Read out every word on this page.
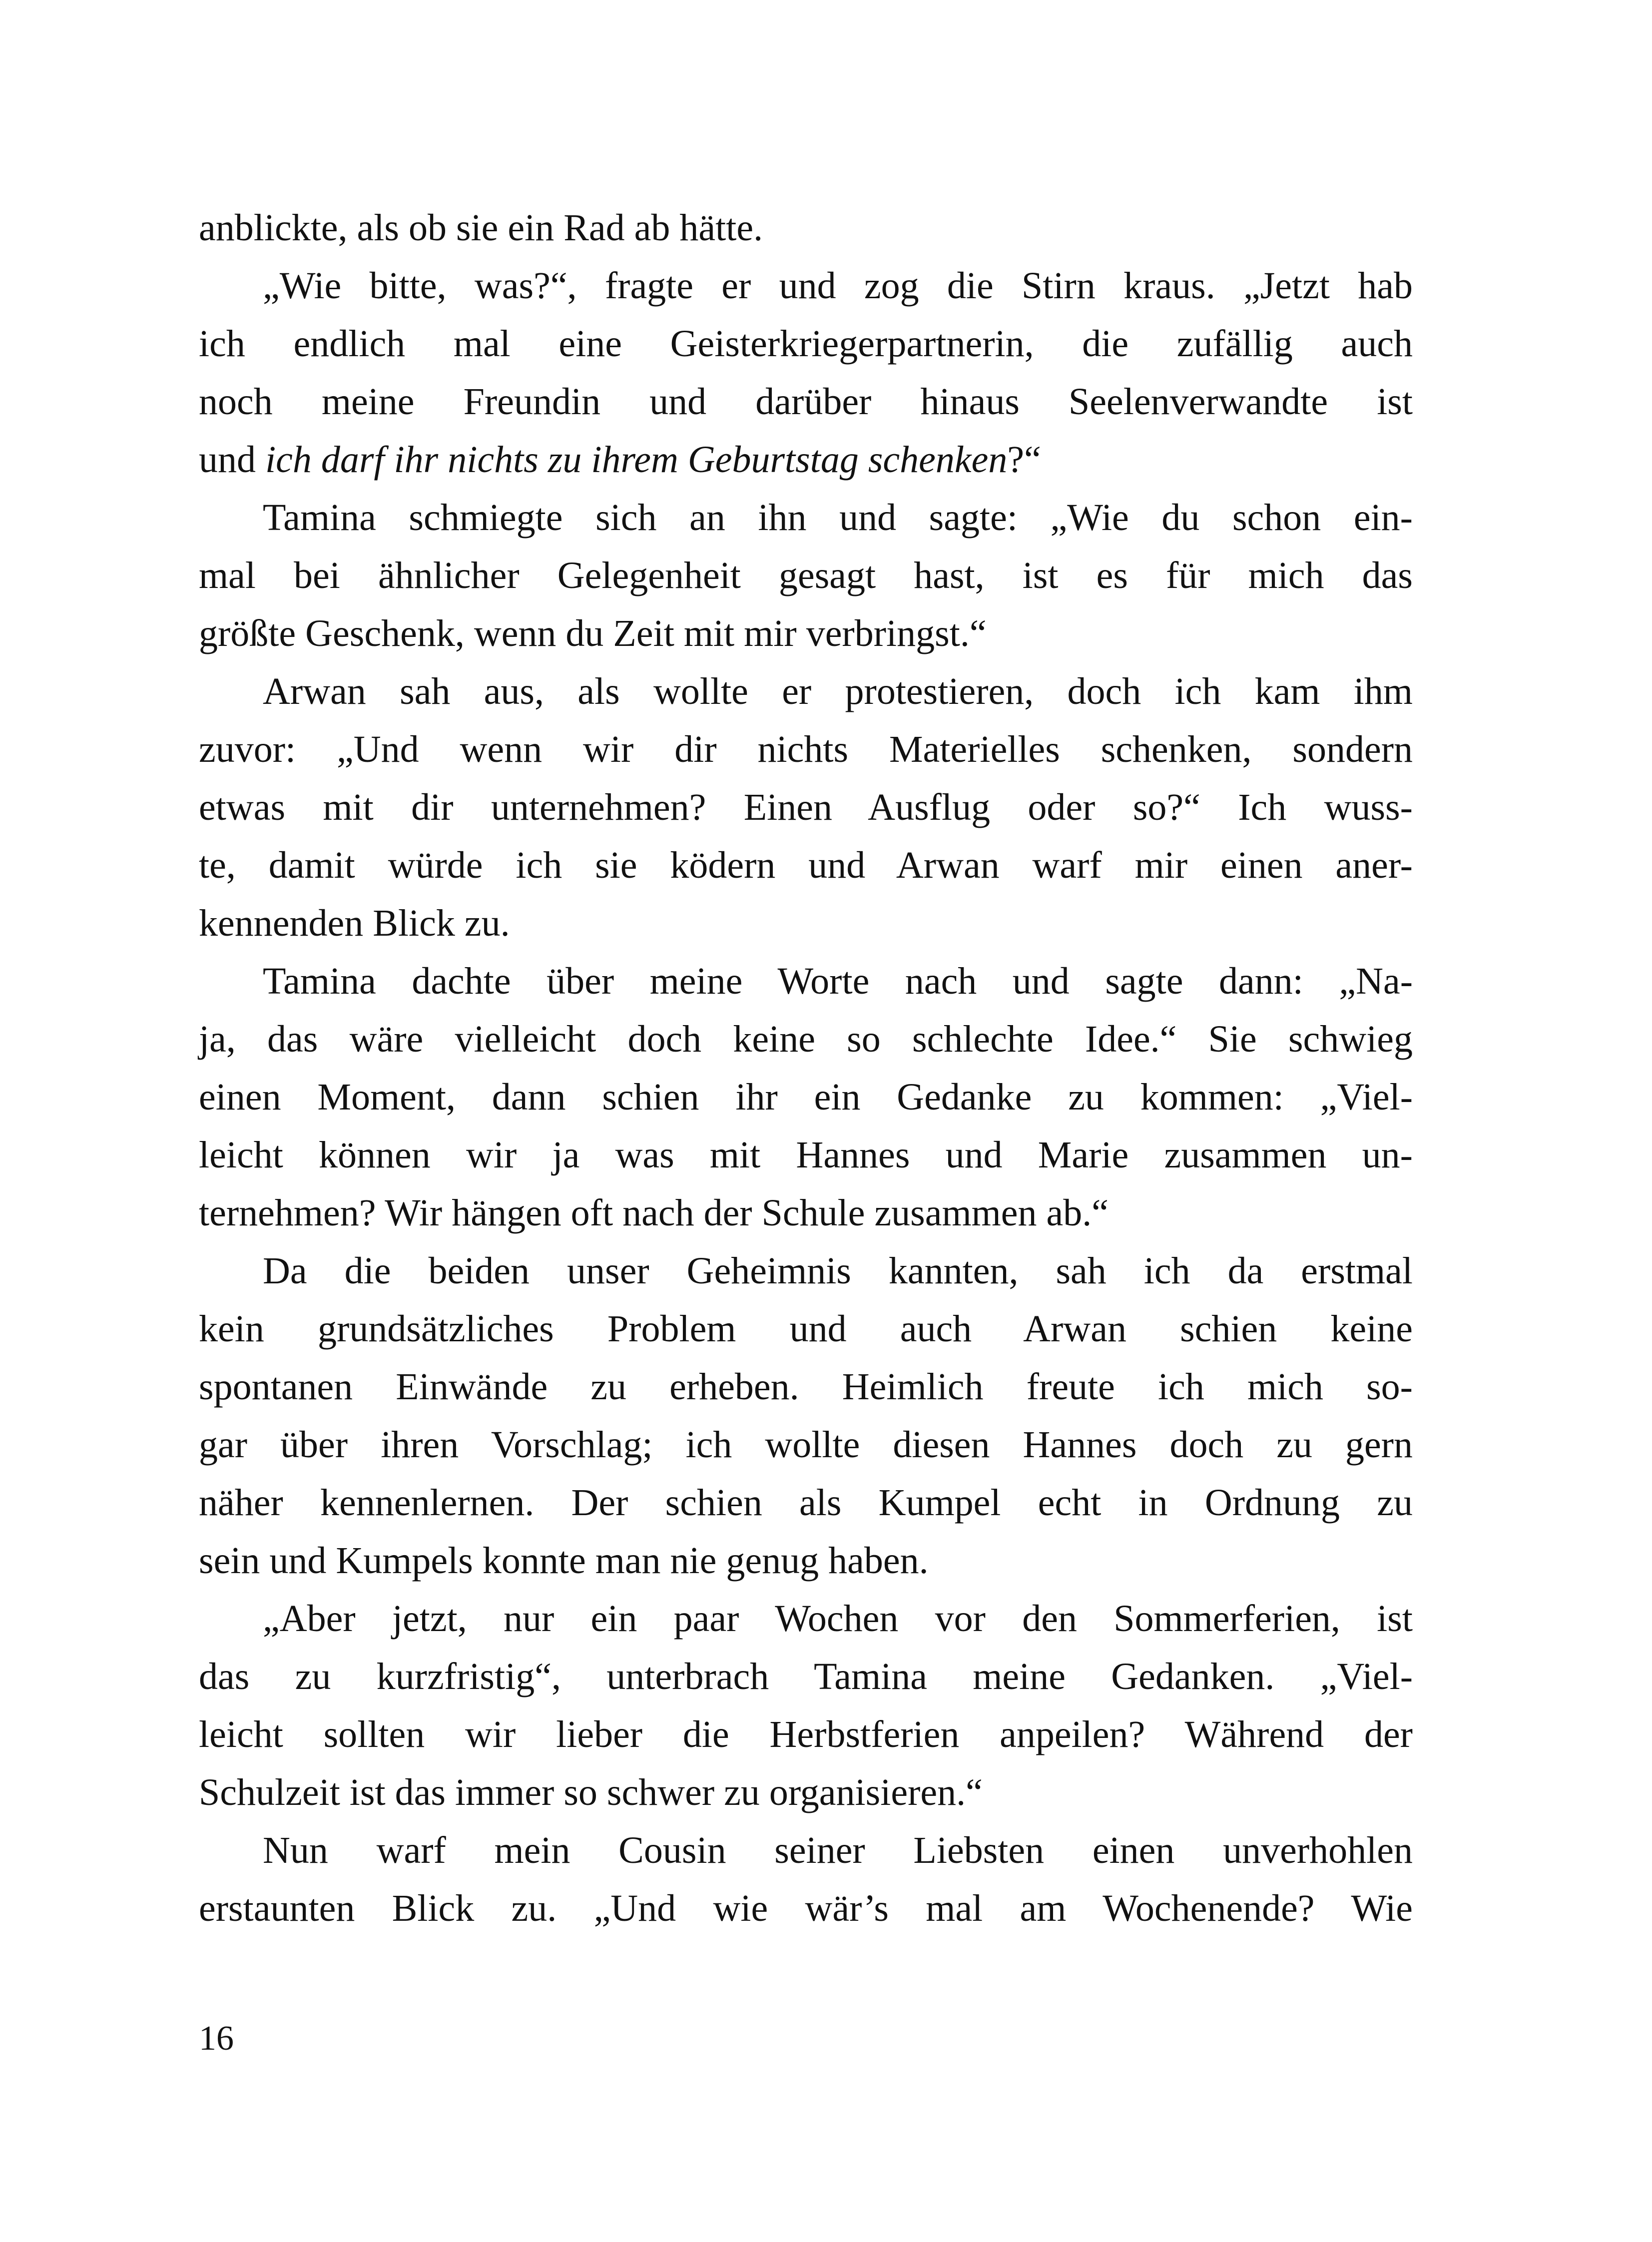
anblickte, als ob sie ein Rad ab hätte.
„Wie bitte, was?“, fragte er und zog die Stirn kraus. „Jetzt hab
ich endlich mal eine Geisterkriegerpartnerin, die zufällig auch
noch meine Freundin und darüber hinaus Seelenverwandte ist
und ich darf ihr nichts zu ihrem Geburtstag schenken?“
Tamina schmiegte sich an ihn und sagte: „Wie du schon ein-
mal bei ähnlicher Gelegenheit gesagt hast, ist es für mich das
größte Geschenk, wenn du Zeit mit mir verbringst.“
Arwan sah aus, als wollte er protestieren, doch ich kam ihm
zuvor: „Und wenn wir dir nichts Materielles schenken, sondern
etwas mit dir unternehmen? Einen Ausflug oder so?“ Ich wuss-
te, damit würde ich sie ködern und Arwan warf mir einen aner-
kennenden Blick zu.
Tamina dachte über meine Worte nach und sagte dann: „Na-
ja, das wäre vielleicht doch keine so schlechte Idee.“ Sie schwieg
einen Moment, dann schien ihr ein Gedanke zu kommen: „Viel-
leicht können wir ja was mit Hannes und Marie zusammen un-
ternehmen? Wir hängen oft nach der Schule zusammen ab.“
Da die beiden unser Geheimnis kannten, sah ich da erstmal
kein grundsätzliches Problem und auch Arwan schien keine
spontanen Einwände zu erheben. Heimlich freute ich mich so-
gar über ihren Vorschlag; ich wollte diesen Hannes doch zu gern
näher kennenlernen. Der schien als Kumpel echt in Ordnung zu
sein und Kumpels konnte man nie genug haben.
„Aber jetzt, nur ein paar Wochen vor den Sommerferien, ist
das zu kurzfristig“, unterbrach Tamina meine Gedanken. „Viel-
leicht sollten wir lieber die Herbstferien anpeilen? Während der
Schulzeit ist das immer so schwer zu organisieren.“
Nun warf mein Cousin seiner Liebsten einen unverhohlen
erstaunten Blick zu. „Und wie wär’s mal am Wochenende? Wie
16
